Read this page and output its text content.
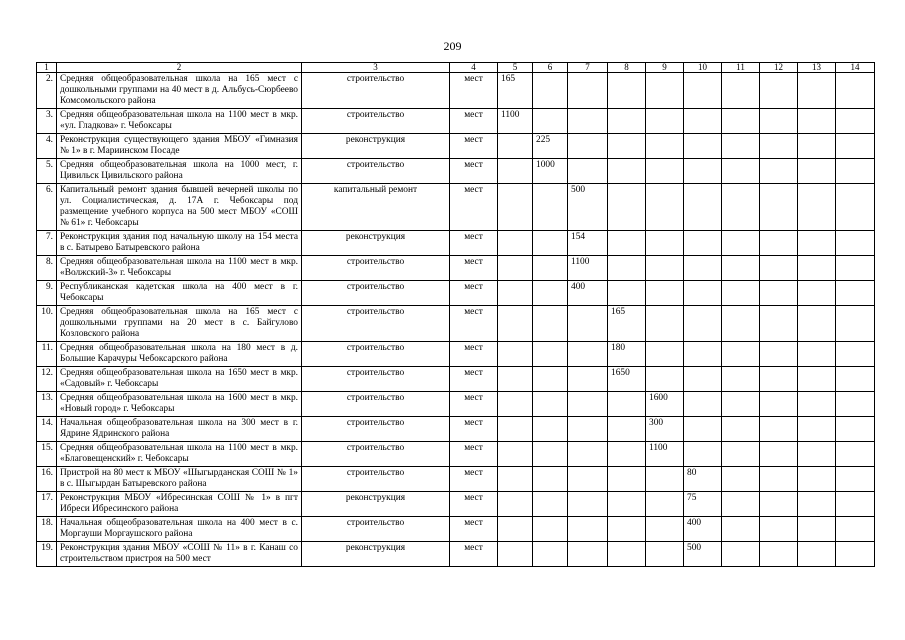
209
1	2	3	4	5	6	7	8	9	10	11	12	13	14
2.	Средняя общеобразовательная школа на 165 мест с дошкольными группами на 40 мест в д. Альбусь-Сюрбеево Комсомольского района	строительство	мест	165									
3.	Средняя общеобразовательная школа на 1100 мест в мкр. «ул. Гладкова» г. Чебоксары	строительство	мест	1100									
4.	Реконструкция существующего здания МБОУ «Гимназия № 1» в г. Мариинском Посаде	реконструкция	мест		225								
5.	Средняя общеобразовательная школа на 1000 мест, г. Цивильск Цивильского района	строительство	мест		1000								
6.	Капитальный ремонт здания бывшей вечерней школы по ул. Социалистическая, д. 17А г. Чебоксары под размещение учебного корпуса на 500 мест МБОУ «СОШ № 61» г. Чебоксары	капитальный ремонт	мест			500							
7.	Реконструкция здания под начальную школу на 154 места в с. Батырево Батыревского района	реконструкция	мест			154							
8.	Средняя общеобразовательная школа на 1100 мест в мкр. «Волжский-3» г. Чебоксары	строительство	мест			1100							
9.	Республиканская кадетская школа на 400 мест в г. Чебоксары	строительство	мест			400							
10.	Средняя общеобразовательная школа на 165 мест с дошкольными группами на 20 мест в с. Байгулово Козловского района	строительство	мест				165						
11.	Средняя общеобразовательная школа на 180 мест в д. Большие Карачуры Чебоксарского района	строительство	мест				180						
12.	Средняя общеобразовательная школа на 1650 мест в мкр. «Садовый» г. Чебоксары	строительство	мест				1650						
13.	Средняя общеобразовательная школа на 1600 мест в мкр. «Новый город» г. Чебоксары	строительство	мест					1600					
14.	Начальная общеобразовательная школа на 300 мест в г. Ядрине Ядринского района	строительство	мест					300					
15.	Средняя общеобразовательная школа на 1100 мест в мкр. «Благовещенский» г. Чебоксары	строительство	мест					1100					
16.	Пристрой на 80 мест к МБОУ «Шыгырданская СОШ № 1» в с. Шыгырдан Батыревского района	строительство	мест						80				
17.	Реконструкция МБОУ «Ибресинская СОШ № 1» в пгт Ибреси Ибресинского района	реконструкция	мест						75				
18.	Начальная общеобразовательная школа на 400 мест в с. Моргауши Моргаушского района	строительство	мест						400				
19.	Реконструкция здания МБОУ «СОШ № 11» в г. Канаш со строительством пристроя на 500 мест	реконструкция	мест						500				
